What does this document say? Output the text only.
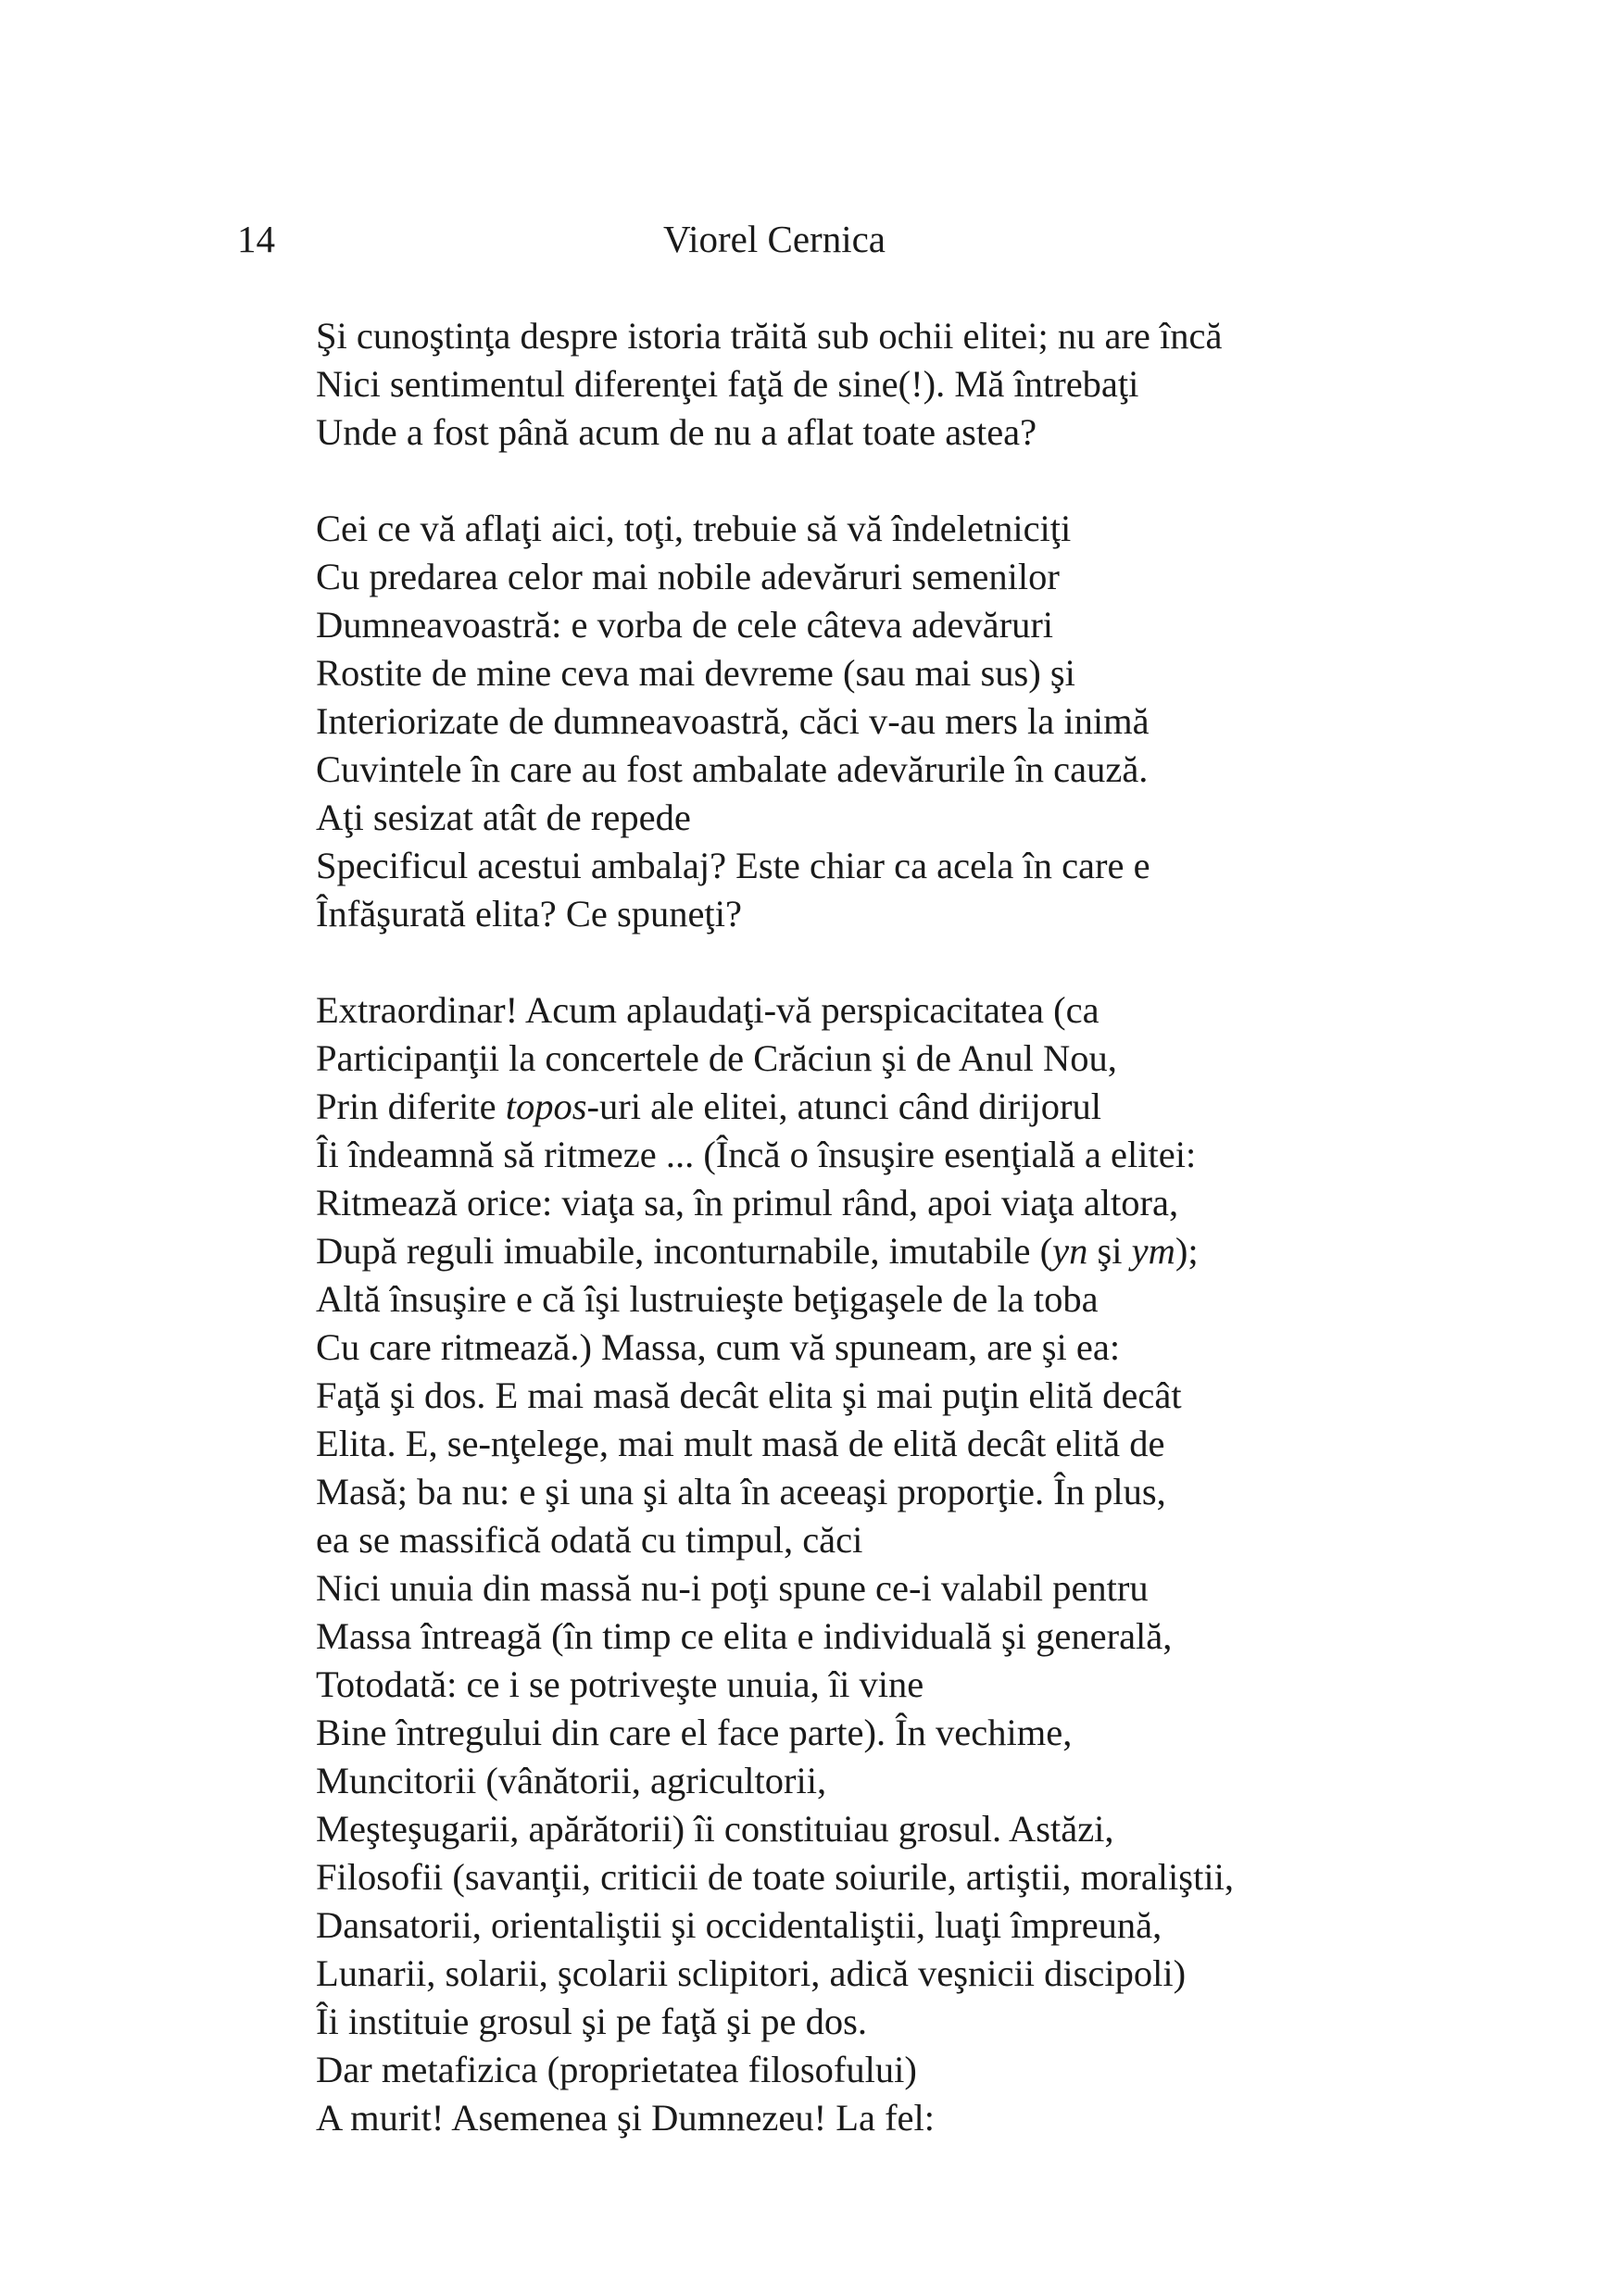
14	Viorel Cernica
Şi cunoştinţa despre istoria trăită sub ochii elitei; nu are încă
Nici sentimentul diferenţei faţă de sine(!). Mă întrebaţi
Unde a fost până acum de nu a aflat toate astea?
Cei ce vă aflaţi aici, toţi, trebuie să vă îndeletniciţi
Cu predarea celor mai nobile adevăruri semenilor
Dumneavoastră: e vorba de cele câteva adevăruri
Rostite de mine ceva mai devreme (sau mai sus) şi
Interiorizate de dumneavoastră, căci v-au mers la inimă
Cuvintele în care au fost ambalate adevărurile în cauză.
Aţi sesizat atât de repede
Specificul acestui ambalaj? Este chiar ca acela în care e
Înfăşurată elita? Ce spuneţi?
Extraordinar! Acum aplaudaţi-vă perspicacitatea (ca
Participanţii la concertele de Crăciun şi de Anul Nou,
Prin diferite topos-uri ale elitei, atunci când dirijorul
Îi îndeamnă să ritmeze ... (Încă o însuşire esenţială a elitei:
Ritmează orice: viaţa sa, în primul rând, apoi viaţa altora,
După reguli imuabile, inconturnabile, imutabile (yn şi ym);
Altă însuşire e că îşi lustruieşte beţigaşele de la toba
Cu care ritmează.) Massa, cum vă spuneam, are şi ea:
Faţă şi dos. E mai masă decât elita şi mai puţin elită decât
Elita. E, se-nţelege, mai mult masă de elită decât elită de
Masă; ba nu: e şi una şi alta în aceeaşi proporţie. În plus,
ea se massifică odată cu timpul, căci
Nici unuia din massă nu-i poţi spune ce-i valabil pentru
Massa întreagă (în timp ce elita e individuală şi generală,
Totodată: ce i se potriveşte unuia, îi vine
Bine întregului din care el face parte). În vechime,
Muncitorii (vânătorii, agricultorii,
Meşteşugarii, apărătorii) îi constituiau grosul. Astăzi,
Filosofii (savanţii, criticii de toate soiurile, artiştii, moraliştii,
Dansatorii, orientaliştii şi occidentaliştii, luaţi împreună,
Lunarii, solarii, şcolarii sclipitori, adică veşnicii discipoli)
Îi instituie grosul şi pe faţă şi pe dos.
Dar metafizica (proprietatea filosofului)
A murit! Asemenea şi Dumnezeu! La fel:
